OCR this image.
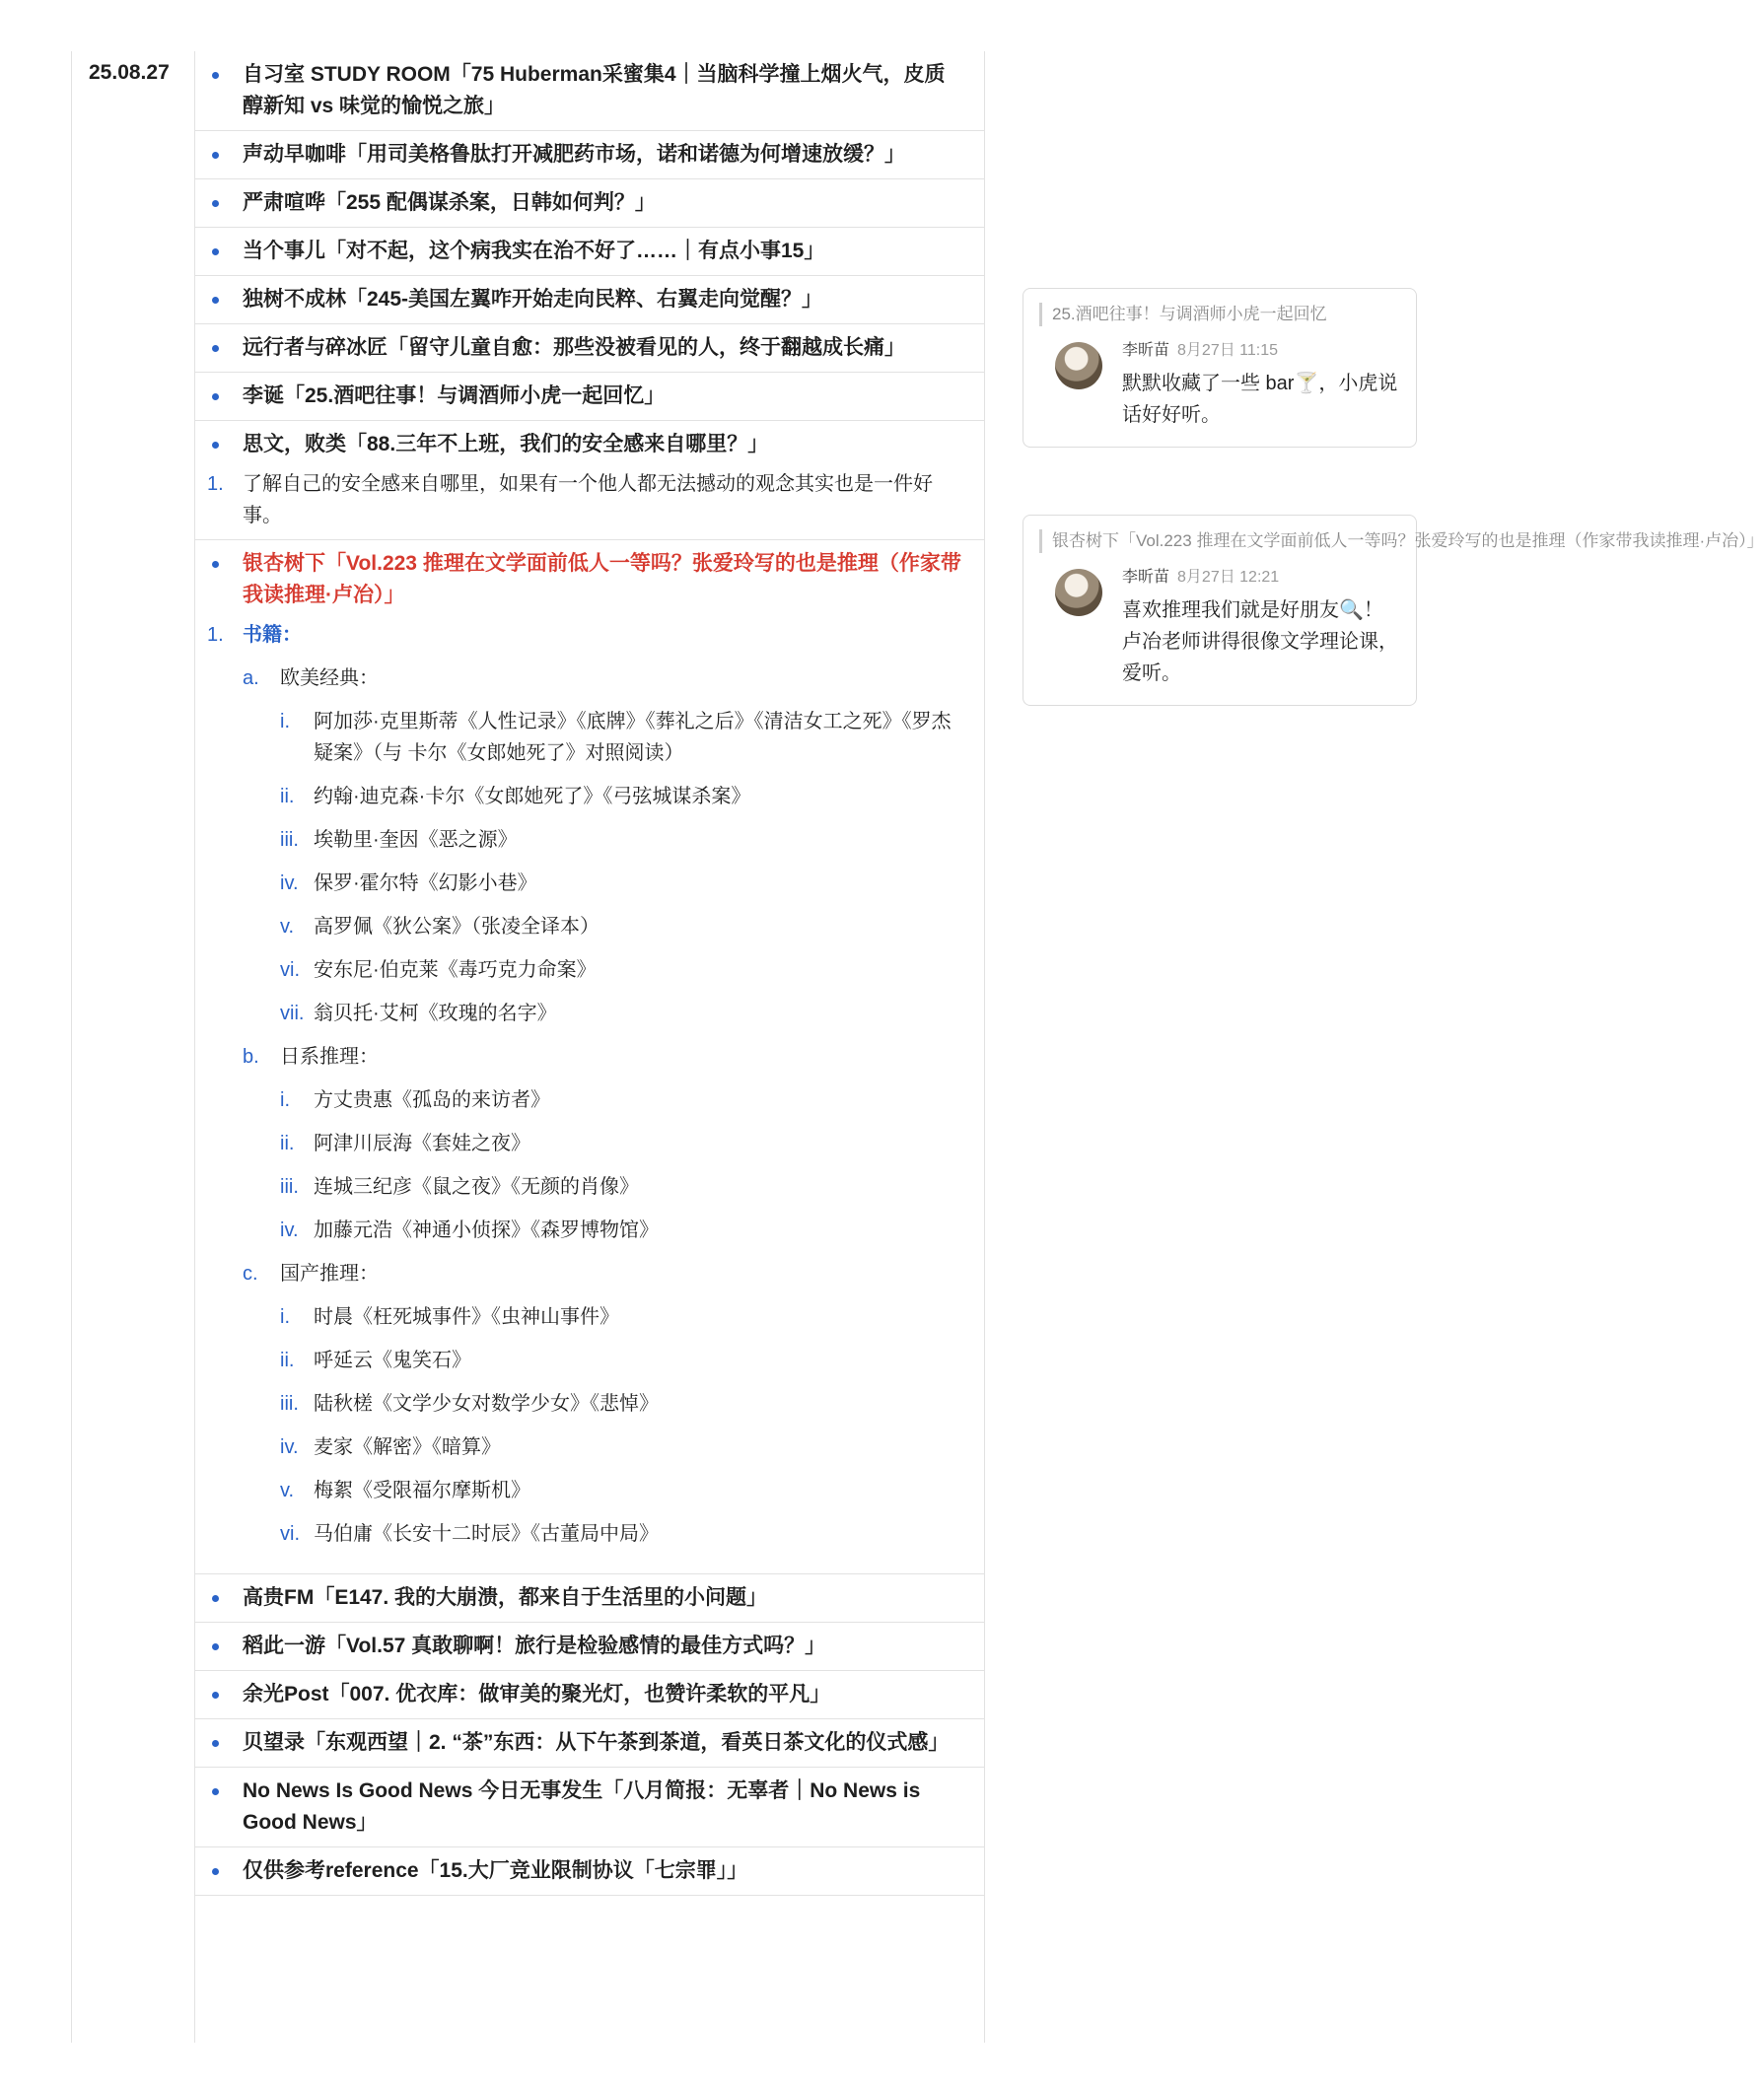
25.08.27	自习室 STUDY ROOM「75 Huberman采蜜集4｜当脑科学撞上烟火气，皮质醇新知 vs 味觉的愉悦之旅」
声动早咖啡「用司美格鲁肽打开减肥药市场，诺和诺德为何增速放缓？」
严肃喧哗「255 配偶谋杀案，日韩如何判？」
当个事儿「对不起，这个病我实在治不好了……｜有点小事15」
独树不成林「245-美国左翼咋开始走向民粹、右翼走向觉醒？」
远行者与碎冰匠「留守儿童自愈：那些没被看见的人，终于翻越成长痛」
李诞「25.酒吧往事！与调酒师小虎一起回忆」
思文，败类「88.三年不上班，我们的安全感来自哪里？」
1. 了解自己的安全感来自哪里，如果有一个他人都无法撼动的观念其实也是一件好事。
银杏树下「Vol.223 推理在文学面前低人一等吗？张爱玲写的也是推理（作家带我读推理·卢冶）」
1. 书籍：
a. 欧美经典：
i. 阿加莎·克里斯蒂《人性记录》《底牌》《葬礼之后》《清洁女工之死》《罗杰疑案》（与 卡尔《女郎她死了》对照阅读）
ii. 约翰·迪克森·卡尔《女郎她死了》《弓弦城谋杀案》
iii. 埃勒里·奎因《恶之源》
iv. 保罗·霍尔特《幻影小巷》
v. 高罗佩《狄公案》（张凌全译本）
vi. 安东尼·伯克莱《毒巧克力命案》
vii. 翁贝托·艾柯《玫瑰的名字》
b. 日系推理：
i. 方丈贵惠《孤岛的来访者》
ii. 阿津川辰海《套娃之夜》
iii. 连城三纪彦《鼠之夜》《无颜的肖像》
iv. 加藤元浩《神通小侦探》《森罗博物馆》
c. 国产推理：
i. 时晨《枉死城事件》《虫神山事件》
ii. 呼延云《鬼笑石》
iii. 陆秋槎《文学少女对数学少女》《悲悼》
iv. 麦家《解密》《暗算》
v. 梅絮《受限福尔摩斯机》
vi. 马伯庸《长安十二时辰》《古董局中局》
高贵FM「E147. 我的大崩溃，都来自于生活里的小问题」
稻此一游「Vol.57 真敢聊啊！旅行是检验感情的最佳方式吗？」
余光Post「007. 优衣库：做审美的聚光灯，也赞许柔软的平凡」
贝望录「东观西望｜2. “茶”东西：从下午茶到茶道，看英日茶文化的仪式感」
No News Is Good News 今日无事发生「八月简报：无辜者｜No News is Good News」
仅供参考reference「15.大厂竞业限制协议「七宗罪」」
25.酒吧往事！与调酒师小虎一起回忆
李昕苗 8月27日 11:15
默默收藏了一些 bar🍸，小虎说话好好听。
银杏树下「Vol.223 推理在文学面前低人一等吗？张爱玲写的也是推理（作家带我读推理·卢冶）」
李昕苗 8月27日 12:21
喜欢推理我们就是好朋友🔍！卢冶老师讲得很像文学理论课，爱听。
